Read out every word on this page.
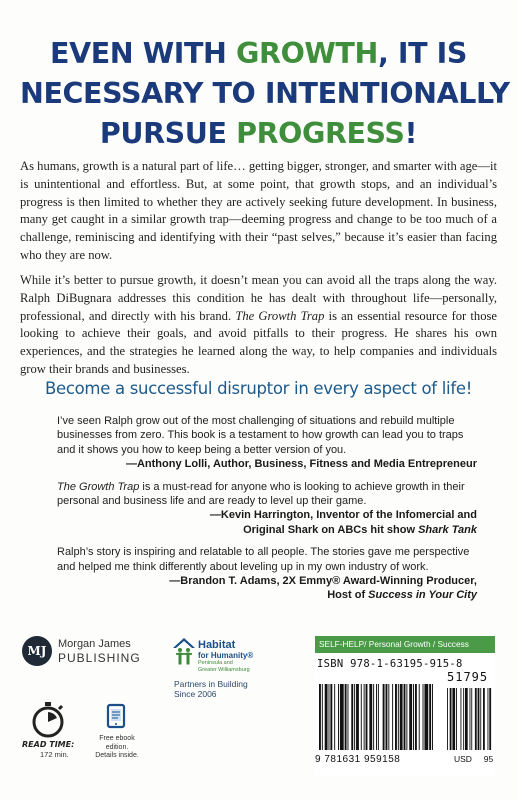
EVEN WITH GROWTH, IT IS
NECESSARY TO INTENTIONALLY
PURSUE PROGRESS!

As humans, growth is a natural part of life… getting bigger, stronger, and smarter with age—it is unintentional and effortless. But, at some point, that growth stops, and an individual’s progress is then limited to whether they are actively seeking future development. In business, many get caught in a similar growth trap—deeming progress and change to be too much of a challenge, reminiscing and identifying with their “past selves,” because it’s easier than facing who they are now.

While it’s better to pursue growth, it doesn’t mean you can avoid all the traps along the way. Ralph DiBugnara addresses this condition he has dealt with throughout life—personally, professional, and directly with his brand. The Growth Trap is an essential resource for those looking to achieve their goals, and avoid pitfalls to their progress. He shares his own experiences, and the strategies he learned along the way, to help companies and individuals grow their brands and businesses.

Become a successful disruptor in every aspect of life!

I’ve seen Ralph grow out of the most challenging of situations and rebuild multiple businesses from zero. This book is a testament to how growth can lead you to traps and it shows you how to keep being a better version of you.

—Anthony Lolli, Author, Business, Fitness and Media Entrepreneur

The Growth Trap is a must-read for anyone who is looking to achieve growth in their personal and business life and are ready to level up their game.

—Kevin Harrington, Inventor of the Infomercial and
Original Shark on ABCs hit show Shark Tank

Ralph’s story is inspiring and relatable to all people. The stories gave me perspective and helped me think differently about leveling up in my own industry of work.

—Brandon T. Adams, 2X Emmy® Award-Winning Producer,
Host of Success in Your City

MJ	Morgan James
PUBLISHING
Habitat
for Humanity®
Peninsula and
Greater Williamsburg
Partners in Building
Since 2006
READ TIME:
172 min.
Free ebook edition.
Details inside.
SELF-HELP/ Personal Growth / Success
ISBN 978-1-63195-915-8
51795
9 781631 959158	USD 95
